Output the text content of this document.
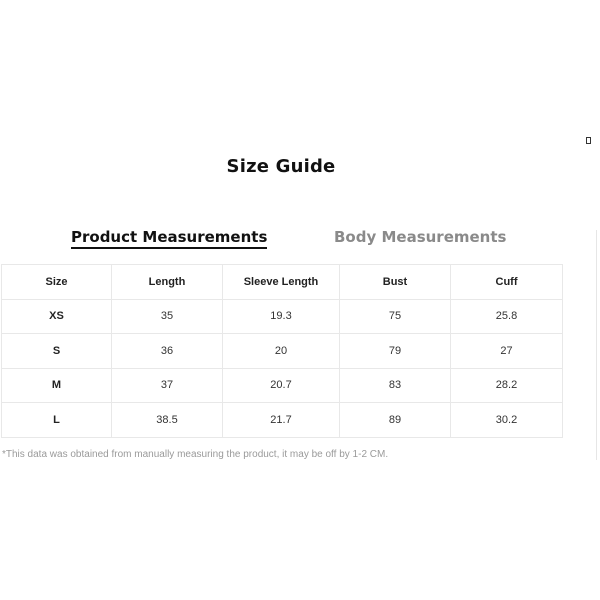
Size Guide
Product Measurements	Body Measurements
Size	Length	Sleeve Length	Bust	Cuff
XS	35	19.3	75	25.8
S	36	20	79	27
M	37	20.7	83	28.2
L	38.5	21.7	89	30.2
*This data was obtained from manually measuring the product, it may be off by 1-2 CM.
